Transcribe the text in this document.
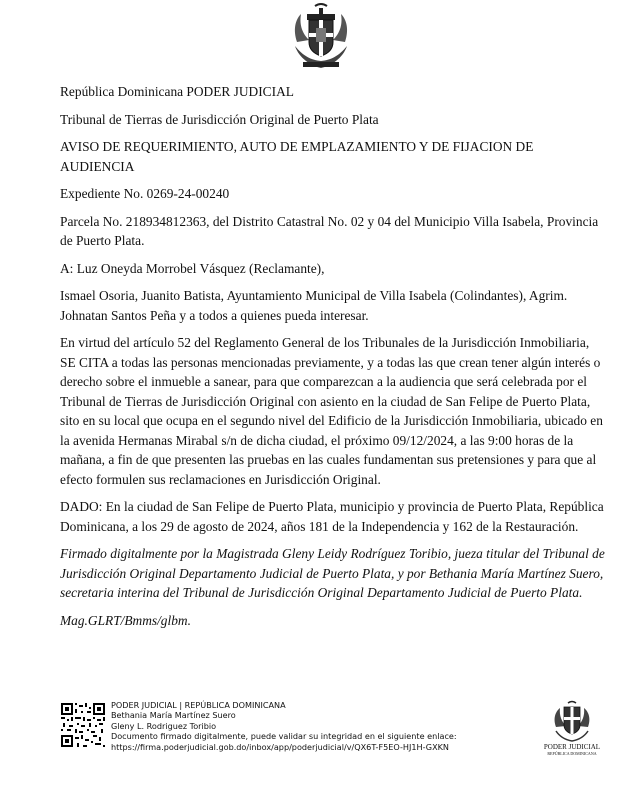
República Dominicana PODER JUDICIAL

Tribunal de Tierras de Jurisdicción Original de Puerto Plata

AVISO DE REQUERIMIENTO, AUTO DE EMPLAZAMIENTO Y DE FIJACION DE AUDIENCIA

Expediente No. 0269-24-00240

Parcela No. 218934812363, del Distrito Catastral No. 02 y 04 del Municipio Villa Isabela, Provincia de Puerto Plata.

A: Luz Oneyda Morrobel Vásquez (Reclamante),

Ismael Osoria, Juanito Batista, Ayuntamiento Municipal de Villa Isabela (Colindantes), Agrim. Johnatan Santos Peña y a todos a quienes pueda interesar.

En virtud del artículo 52 del Reglamento General de los Tribunales de la Jurisdicción Inmobiliaria, SE CITA a todas las personas mencionadas previamente, y a todas las que crean tener algún interés o derecho sobre el inmueble a sanear, para que comparezcan a la audiencia que será celebrada por el Tribunal de Tierras de Jurisdicción Original con asiento en la ciudad de San Felipe de Puerto Plata, sito en su local que ocupa en el segundo nivel del Edificio de la Jurisdicción Inmobiliaria, ubicado en la avenida Hermanas Mirabal s/n de dicha ciudad, el próximo 09/12/2024, a las 9:00 horas de la mañana, a fin de que presenten las pruebas en las cuales fundamentan sus pretensiones y para que al efecto formulen sus reclamaciones en Jurisdicción Original.

DADO: En la ciudad de San Felipe de Puerto Plata, municipio y provincia de Puerto Plata, República Dominicana, a los 29 de agosto de 2024, años 181 de la Independencia y 162 de la Restauración.

Firmado digitalmente por la Magistrada Gleny Leidy Rodríguez Toribio, jueza titular del Tribunal de Jurisdicción Original Departamento Judicial de Puerto Plata, y por Bethania María Martínez Suero, secretaria interina del Tribunal de Jurisdicción Original Departamento Judicial de Puerto Plata.

Mag.GLRT/Bmms/glbm.

PODER JUDICIAL | REPÚBLICA DOMINICANA
Bethania María Martínez Suero
Gleny L. Rodriguez Toribio
Documento firmado digitalmente, puede validar su integridad en el siguiente enlace:
https://firma.poderjudicial.gob.do/inbox/app/poderjudicial/v/QX6T-F5EO-HJ1H-GXKN	PODER JUDICIAL
REPÚBLICA DOMINICANA
